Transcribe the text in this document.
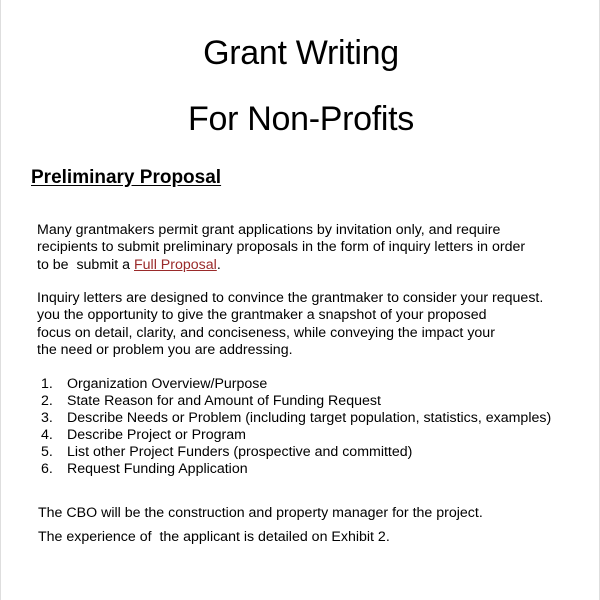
Grant Writing
For Non-Profits
Preliminary Proposal
Many grantmakers permit grant applications by invitation only, and require
recipients to submit preliminary proposals in the form of inquiry letters in order
to be  submit a Full Proposal.
Inquiry letters are designed to convince the grantmaker to consider your request.
you the opportunity to give the grantmaker a snapshot of your proposed
focus on detail, clarity, and conciseness, while conveying the impact your
the need or problem you are addressing.
1. Organization Overview/Purpose
2. State Reason for and Amount of Funding Request
3. Describe Needs or Problem (including target population, statistics, examples)
4. Describe Project or Program
5. List other Project Funders (prospective and committed)
6. Request Funding Application
The CBO will be the construction and property manager for the project.
The experience of  the applicant is detailed on Exhibit 2.
